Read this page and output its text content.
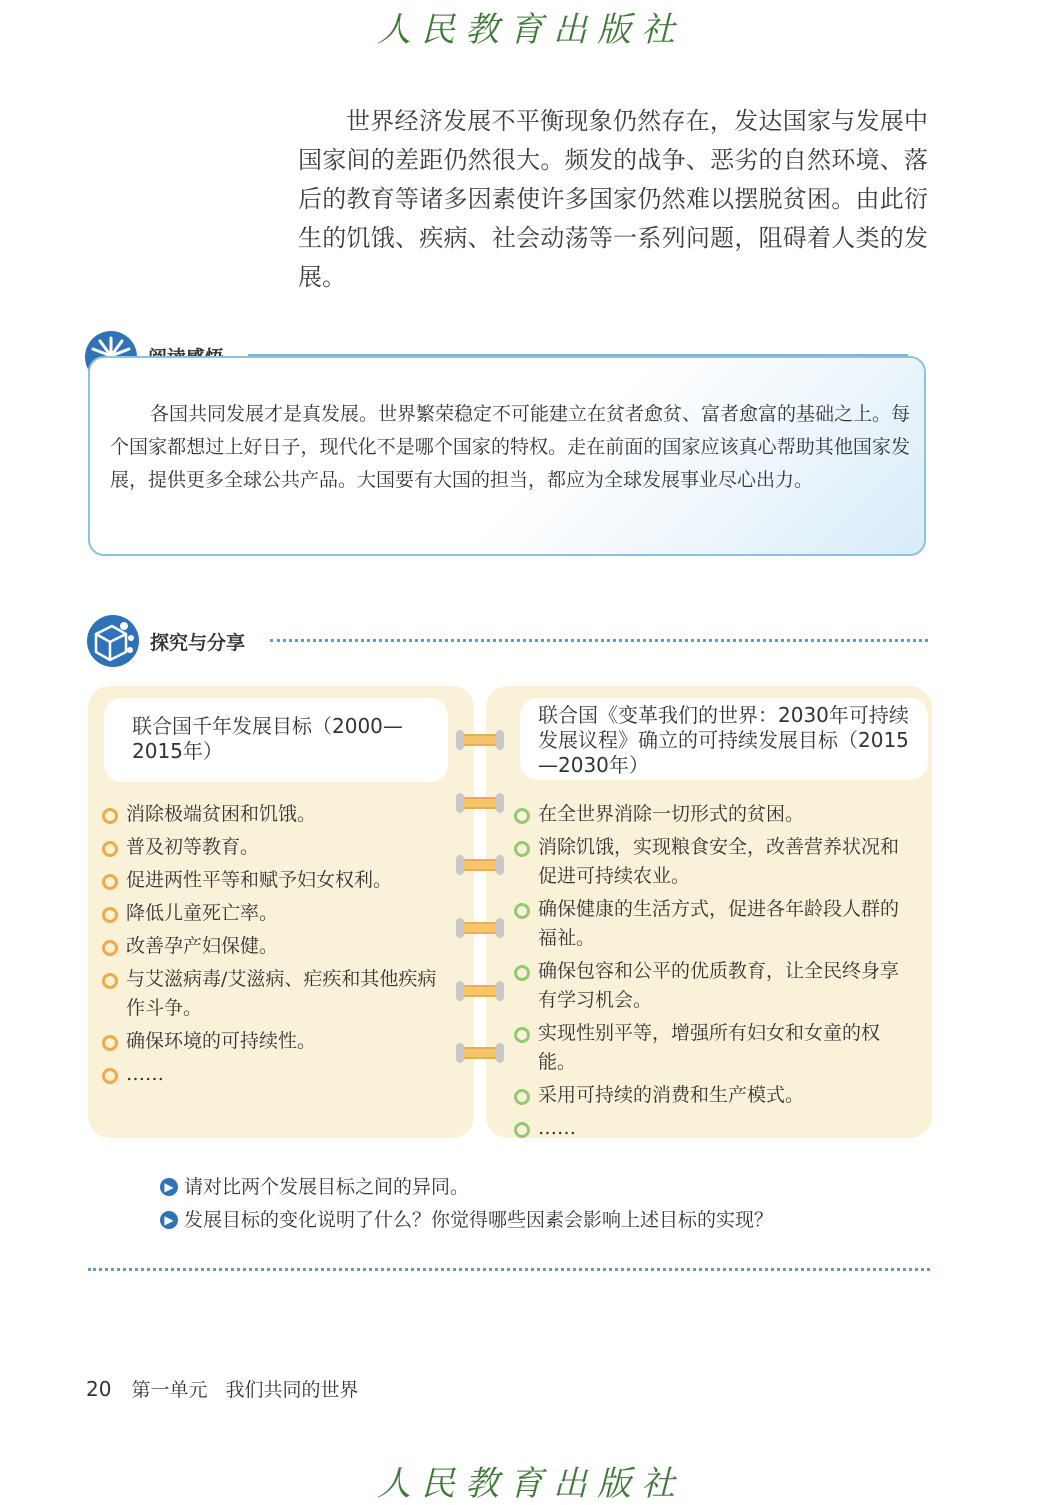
人民教育出版社

世界经济发展不平衡现象仍然存在，发达国家与发展中国家间的差距仍然很大。频发的战争、恶劣的自然环境、落后的教育等诸多因素使许多国家仍然难以摆脱贫困。由此衍生的饥饿、疾病、社会动荡等一系列问题，阻碍着人类的发展。

各国共同发展才是真发展。世界繁荣稳定不可能建立在贫者愈贫、富者愈富的基础之上。每个国家都想过上好日子，现代化不是哪个国家的特权。走在前面的国家应该真心帮助其他国家发展，提供更多全球公共产品。大国要有大国的担当，都应为全球发展事业尽心出力。

探究与分享
联合国千年发展目标（2000—2015年）
联合国《变革我们的世界：2030年可持续发展议程》确立的可持续发展目标（2015—2030年）
消除极端贫困和饥饿。
普及初等教育。
促进两性平等和赋予妇女权利。
降低儿童死亡率。
改善孕产妇保健。
与艾滋病毒/艾滋病、疟疾和其他疾病作斗争。
确保环境的可持续性。
……
在全世界消除一切形式的贫困。
消除饥饿，实现粮食安全，改善营养状况和促进可持续农业。
确保健康的生活方式，促进各年龄段人群的福祉。
确保包容和公平的优质教育，让全民终身享有学习机会。
实现性别平等，增强所有妇女和女童的权能。
采用可持续的消费和生产模式。
……
▶ 请对比两个发展目标之间的异同。
▶ 发展目标的变化说明了什么？你觉得哪些因素会影响上述目标的实现？
20 第一单元 我们共同的世界
人民教育出版社
